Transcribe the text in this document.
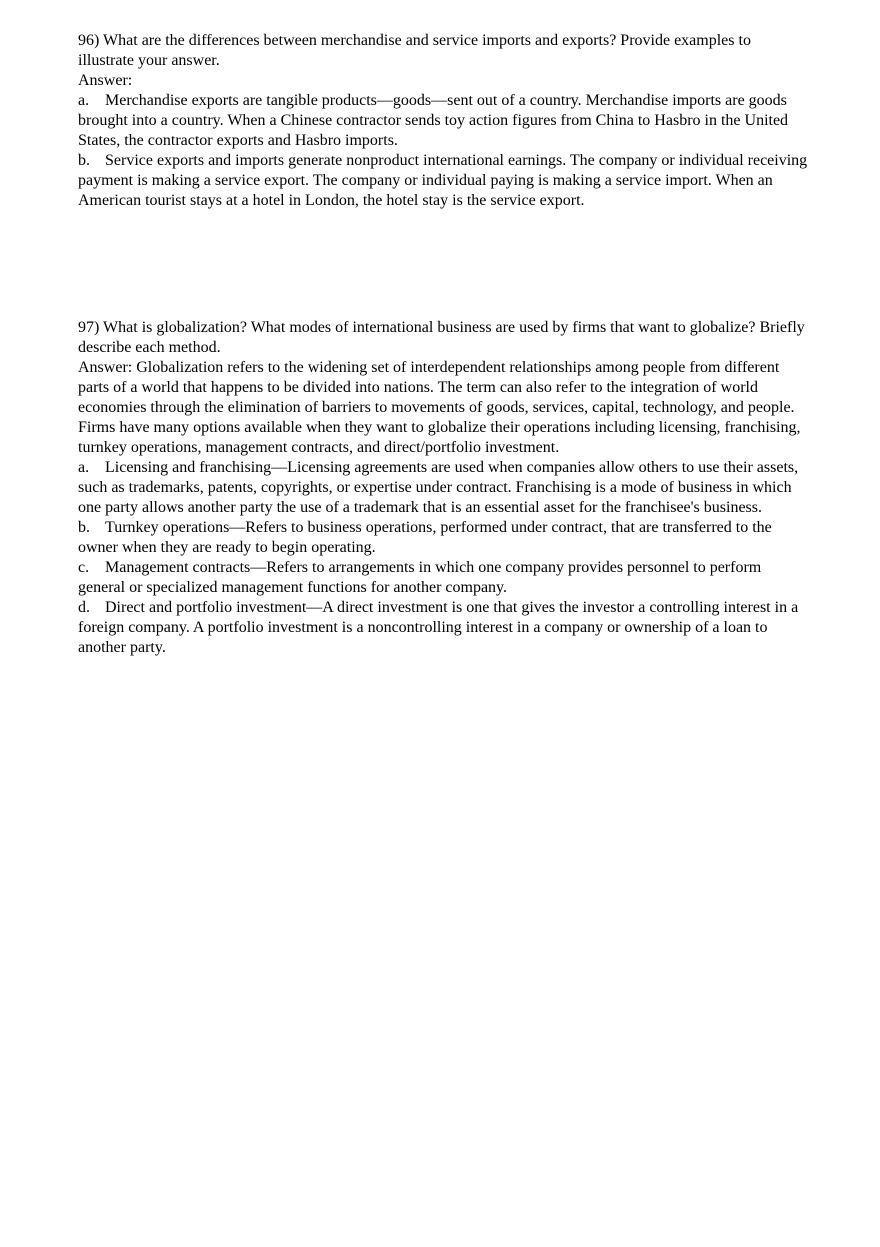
96) What are the differences between merchandise and service imports and exports? Provide examples to illustrate your answer.

Answer:

a. Merchandise exports are tangible products—goods—sent out of a country. Merchandise imports are goods brought into a country. When a Chinese contractor sends toy action figures from China to Hasbro in the United States, the contractor exports and Hasbro imports.

b. Service exports and imports generate nonproduct international earnings. The company or individual receiving payment is making a service export. The company or individual paying is making a service import. When an American tourist stays at a hotel in London, the hotel stay is the service export.

97) What is globalization? What modes of international business are used by firms that want to globalize? Briefly describe each method.

Answer: Globalization refers to the widening set of interdependent relationships among people from different parts of a world that happens to be divided into nations. The term can also refer to the integration of world economies through the elimination of barriers to movements of goods, services, capital, technology, and people. Firms have many options available when they want to globalize their operations including licensing, franchising, turnkey operations, management contracts, and direct/portfolio investment.

a. Licensing and franchising—Licensing agreements are used when companies allow others to use their assets, such as trademarks, patents, copyrights, or expertise under contract. Franchising is a mode of business in which one party allows another party the use of a trademark that is an essential asset for the franchisee's business.

b. Turnkey operations—Refers to business operations, performed under contract, that are transferred to the owner when they are ready to begin operating.

c. Management contracts—Refers to arrangements in which one company provides personnel to perform general or specialized management functions for another company.

d. Direct and portfolio investment—A direct investment is one that gives the investor a controlling interest in a foreign company. A portfolio investment is a noncontrolling interest in a company or ownership of a loan to another party.
